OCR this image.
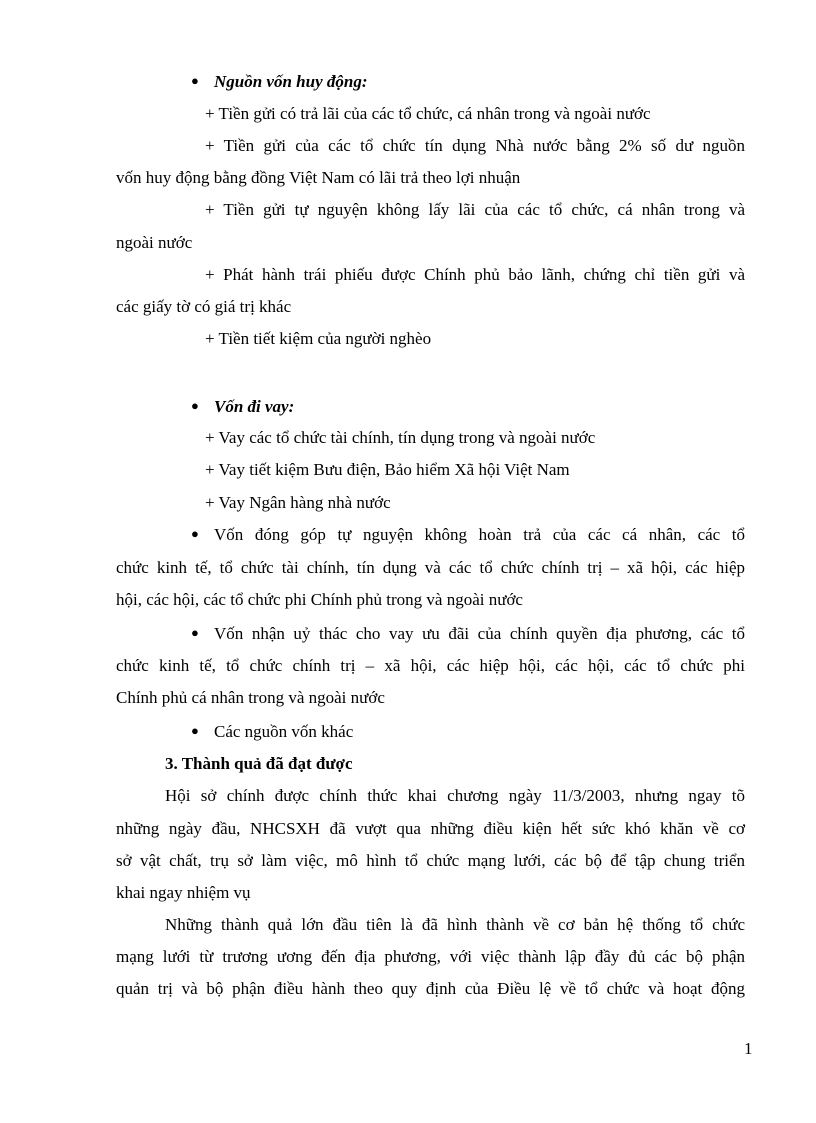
● Nguồn vốn huy động:
+ Tiền gửi có trả lãi của các tổ chức, cá nhân trong và ngoài nước
+ Tiền gửi của các tổ chức tín dụng Nhà nước bằng 2% số dư nguồn
vốn huy động bằng đồng Việt Nam có lãi trả theo lợi nhuận
+ Tiền gửi tự nguyện không lấy lãi của các tổ chức, cá nhân trong và
ngoài nước
+ Phát hành trái phiếu được Chính phủ bảo lãnh, chứng chỉ tiền gửi và
các giấy tờ có giá trị khác
+ Tiền tiết kiệm của người nghèo
● Vốn đi vay:
+ Vay các tổ chức tài chính, tín dụng trong và ngoài nước
+ Vay tiết kiệm Bưu điện, Bảo hiểm Xã hội Việt Nam
+ Vay Ngân hàng nhà nước
● Vốn đóng góp tự nguyện không hoàn trả của các cá nhân, các tổ
chức kinh tế, tổ chức tài chính, tín dụng và các tổ chức chính trị – xã hội, các hiệp
hội, các hội, các tổ chức phi Chính phủ trong và ngoài nước
● Vốn nhận uỷ thác cho vay ưu đãi của chính quyền địa phương, các tổ
chức kinh tế, tổ chức chính trị – xã hội, các hiệp hội, các hội, các tổ chức phi
Chính phủ cá nhân trong và ngoài nước
● Các nguồn vốn khác
3. Thành quả đã đạt được
Hội sở chính được chính thức khai chương ngày 11/3/2003, nhưng ngay tõ
những ngày đầu, NHCSXH đã vượt qua những điều kiện hết sức khó khăn về cơ
sở vật chất, trụ sở làm việc, mô hình tổ chức mạng lưới, các bộ để tập chung triển
khai ngay nhiệm vụ
Những thành quả lớn đầu tiên là đã hình thành về cơ bản hệ thống tổ chức
mạng lưới từ trương ương đến địa phương, với việc thành lập đầy đủ các bộ phận
quản trị và bộ phận điều hành theo quy định của Điều lệ về tổ chức và hoạt động
1
